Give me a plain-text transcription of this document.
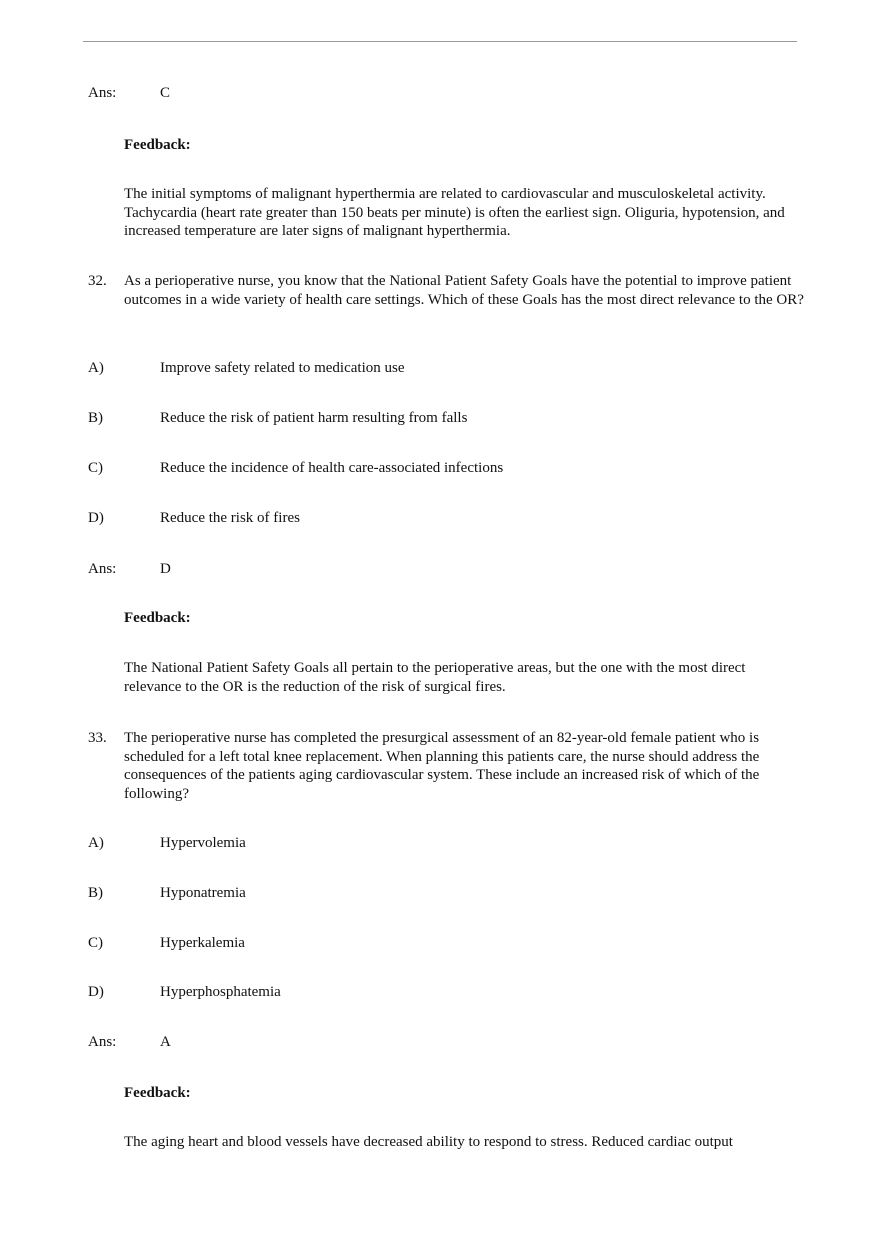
Ans:	C
Feedback:
The initial symptoms of malignant hyperthermia are related to cardiovascular and musculoskeletal activity. Tachycardia (heart rate greater than 150 beats per minute) is often the earliest sign. Oliguria, hypotension, and increased temperature are later signs of malignant hyperthermia.
32. As a perioperative nurse, you know that the National Patient Safety Goals have the potential to improve patient outcomes in a wide variety of health care settings. Which of these Goals has the most direct relevance to the OR?
A)	Improve safety related to medication use
B)	Reduce the risk of patient harm resulting from falls
C)	Reduce the incidence of health care-associated infections
D)	Reduce the risk of fires
Ans:	D
Feedback:
The National Patient Safety Goals all pertain to the perioperative areas, but the one with the most direct relevance to the OR is the reduction of the risk of surgical fires.
33. The perioperative nurse has completed the presurgical assessment of an 82-year-old female patient who is scheduled for a left total knee replacement. When planning this patients care, the nurse should address the consequences of the patients aging cardiovascular system. These include an increased risk of which of the following?
A)	Hypervolemia
B)	Hyponatremia
C)	Hyperkalemia
D)	Hyperphosphatemia
Ans:	A
Feedback:
The aging heart and blood vessels have decreased ability to respond to stress. Reduced cardiac output
